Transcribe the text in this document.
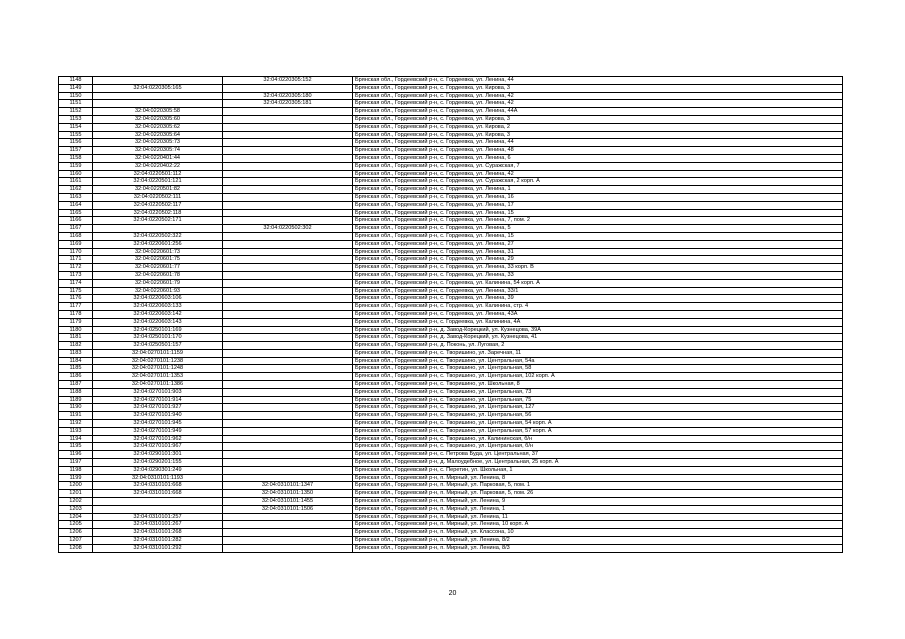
1148		32:04:0220305:152	Брянская обл., Гордеевский р-н, с. Гордеевка, ул. Ленина, 44
1149	32:04:0220305:165		Брянская обл., Гордеевский р-н, с. Гордеевка, ул. Кирова, 3
1150		32:04:0220305:180	Брянская обл., Гордеевский р-н, с. Гордеевка, ул. Ленина, 42
1151		32:04:0220305:181	Брянская обл., Гордеевский р-н, с. Гордеевка, ул. Ленина, 42
1152	32:04:0220305:58		Брянская обл., Гордеевский р-н, с. Гордеевка, ул. Ленина, 44А
1153	32:04:0220305:60		Брянская обл., Гордеевский р-н, с. Гордеевка, ул. Кирова, 3
1154	32:04:0220305:62		Брянская обл., Гордеевский р-н, с. Гордеевка, ул. Кирова, 2
1155	32:04:0220305:64		Брянская обл., Гордеевский р-н, с. Гордеевка, ул. Кирова, 3
1156	32:04:0220305:73		Брянская обл., Гордеевский р-н, с. Гордеевка, ул. Ленина, 44
1157	32:04:0220305:74		Брянская обл., Гордеевский р-н, с. Гордеевка, ул. Ленина, 48
1158	32:04:0220401:44		Брянская обл., Гордеевский р-н, с. Гордеевка, ул. Ленина, 6
1159	32:04:0220402:22		Брянская обл., Гордеевский р-н, с. Гордеевка, ул. Суражская, 7
1160	32:04:0220501:112		Брянская обл., Гордеевский р-н, с. Гордеевка, ул. Ленина, 42
1161	32:04:0220501:121		Брянская обл., Гордеевский р-н, с. Гордеевка, ул. Суражская, 2 корп. А
1162	32:04:0220501:82		Брянская обл., Гордеевский р-н, с. Гордеевка, ул. Ленина, 1
1163	32:04:0220502:111		Брянская обл., Гордеевский р-н, с. Гордеевка, ул. Ленина, 16
1164	32:04:0220502:117		Брянская обл., Гордеевский р-н, с. Гордеевка, ул. Ленина, 17
1165	32:04:0220502:118		Брянская обл., Гордеевский р-н, с. Гордеевка, ул. Ленина, 15
1166	32:04:0220502:171		Брянская обл., Гордеевский р-н, с. Гордеевка, ул. Ленина, 7, пом. 2
1167		32:04:0220502:302	Брянская обл., Гордеевский р-н, с. Гордеевка, ул. Ленина, 5
1168	32:04:0220502:322		Брянская обл., Гордеевский р-н, с. Гордеевка, ул. Ленина, 15
1169	32:04:0220601:256		Брянская обл., Гордеевский р-н, с. Гордеевка, ул. Ленина, 27
1170	32:04:0220601:73		Брянская обл., Гордеевский р-н, с. Гордеевка, ул. Ленина, 31
1171	32:04:0220601:75		Брянская обл., Гордеевский р-н, с. Гордеевка, ул. Ленина, 29
1172	32:04:0220601:77		Брянская обл., Гордеевский р-н, с. Гордеевка, ул. Ленина, 33 корп. В
1173	32:04:0220601:78		Брянская обл., Гордеевский р-н, с. Гордеевка, ул. Ленина, 33
1174	32:04:0220601:79		Брянская обл., Гордеевский р-н, с. Гордеевка, ул. Калинина, 54 корп. А
1175	32:04:0220601:93		Брянская обл., Гордеевский р-н, с. Гордеевка, ул. Ленина, 33/1
1176	32:04:0220603:106		Брянская обл., Гордеевский р-н, с. Гордеевка, ул. Ленина, 39
1177	32:04:0220603:133		Брянская обл., Гордеевский р-н, с. Гордеевка, ул. Калинина, стр. 4
1178	32:04:0220603:142		Брянская обл., Гордеевский р-н, с. Гордеевка, ул. Ленина, 43А
1179	32:04:0220603:143		Брянская обл., Гордеевский р-н, с. Гордеевка, ул. Калинина, 4А
1180	32:04:0250101:169		Брянская обл., Гордеевский р-н, д. Завод-Корецкий, ул. Кузнецова, 39А
1181	32:04:0250101:170		Брянская обл., Гордеевский р-н, д. Завод-Корецкий, ул. Кузнецова, 41
1182	32:04:0250501:157		Брянская обл., Гордеевский р-н, д. Поконь, ул. Луговая, 2
1183	32:04:0270101:1159		Брянская обл., Гордеевский р-н, с. Творишино, ул. Заречная, 11
1184	32:04:0270101:1238		Брянская обл., Гордеевский р-н, с. Творишино, ул. Центральная, 54а
1185	32:04:0270101:1248		Брянская обл., Гордеевский р-н, с. Творишино, ул. Центральная, 58
1186	32:04:0270101:1353		Брянская обл., Гордеевский р-н, с. Творишино, ул. Центральная, 102 корп. А
1187	32:04:0270101:1386		Брянская обл., Гордеевский р-н, с. Творишино, ул. Школьная, 8
1188	32:04:0270101:903		Брянская обл., Гордеевский р-н, с. Творишино, ул. Центральная, 73
1189	32:04:0270101:914		Брянская обл., Гордеевский р-н, с. Творишино, ул. Центральная, 75
1190	32:04:0270101:927		Брянская обл., Гордеевский р-н, с. Творишино, ул. Центральная, 127
1191	32:04:0270101:940		Брянская обл., Гордеевский р-н, с. Творишино, ул. Центральная, 56
1192	32:04:0270101:945		Брянская обл., Гордеевский р-н, с. Творишино, ул. Центральная, 54 корп. А
1193	32:04:0270101:949		Брянская обл., Гордеевский р-н, с. Творишино, ул. Центральная, 57 корп. А
1194	32:04:0270101:962		Брянская обл., Гордеевский р-н, с. Творишино, ул. Калининская, б/н
1195	32:04:0270101:967		Брянская обл., Гордеевский р-н, с. Творишино, ул. Центральная, б/н
1196	32:04:0290101:301		Брянская обл., Гордеевский р-н, с. Петрова Буда, ул. Центральная, 37
1197	32:04:0290201:155		Брянская обл., Гордеевский р-н, д. Малоудебное, ул. Центральная, 25 корп. А
1198	32:04:0290301:249		Брянская обл., Гордеевский р-н, с. Перетин, ул. Школьная, 1
1199	32:04:0310101:1193		Брянская обл., Гордеевский р-н, п. Мирный, ул. Ленина, 8
1200	32:04:0310101:668	32:04:0310101:1347	Брянская обл., Гордеевский р-н, п. Мирный, ул. Парковая, 5, пом. 1
1201	32:04:0310101:668	32:04:0310101:1350	Брянская обл., Гордеевский р-н, п. Мирный, ул. Парковая, 5, пом. 26
1202		32:04:0310101:1455	Брянская обл., Гордеевский р-н, п. Мирный, ул. Ленина, 9
1203		32:04:0310101:1506	Брянская обл., Гордеевский р-н, п. Мирный, ул. Ленина, 1
1204	32:04:0310101:257		Брянская обл., Гордеевский р-н, п. Мирный, ул. Ленина, 11
1205	32:04:0310101:267		Брянская обл., Гордеевский р-н, п. Мирный, ул. Ленина, 10 корп. А
1206	32:04:0310101:268		Брянская обл., Гордеевский р-н, п. Мирный, ул. Классона, 10
1207	32:04:0310101:282		Брянская обл., Гордеевский р-н, п. Мирный, ул. Ленина, 8/2
1208	32:04:0310101:292		Брянская обл., Гордеевский р-н, п. Мирный, ул. Ленина, 8/3
20
